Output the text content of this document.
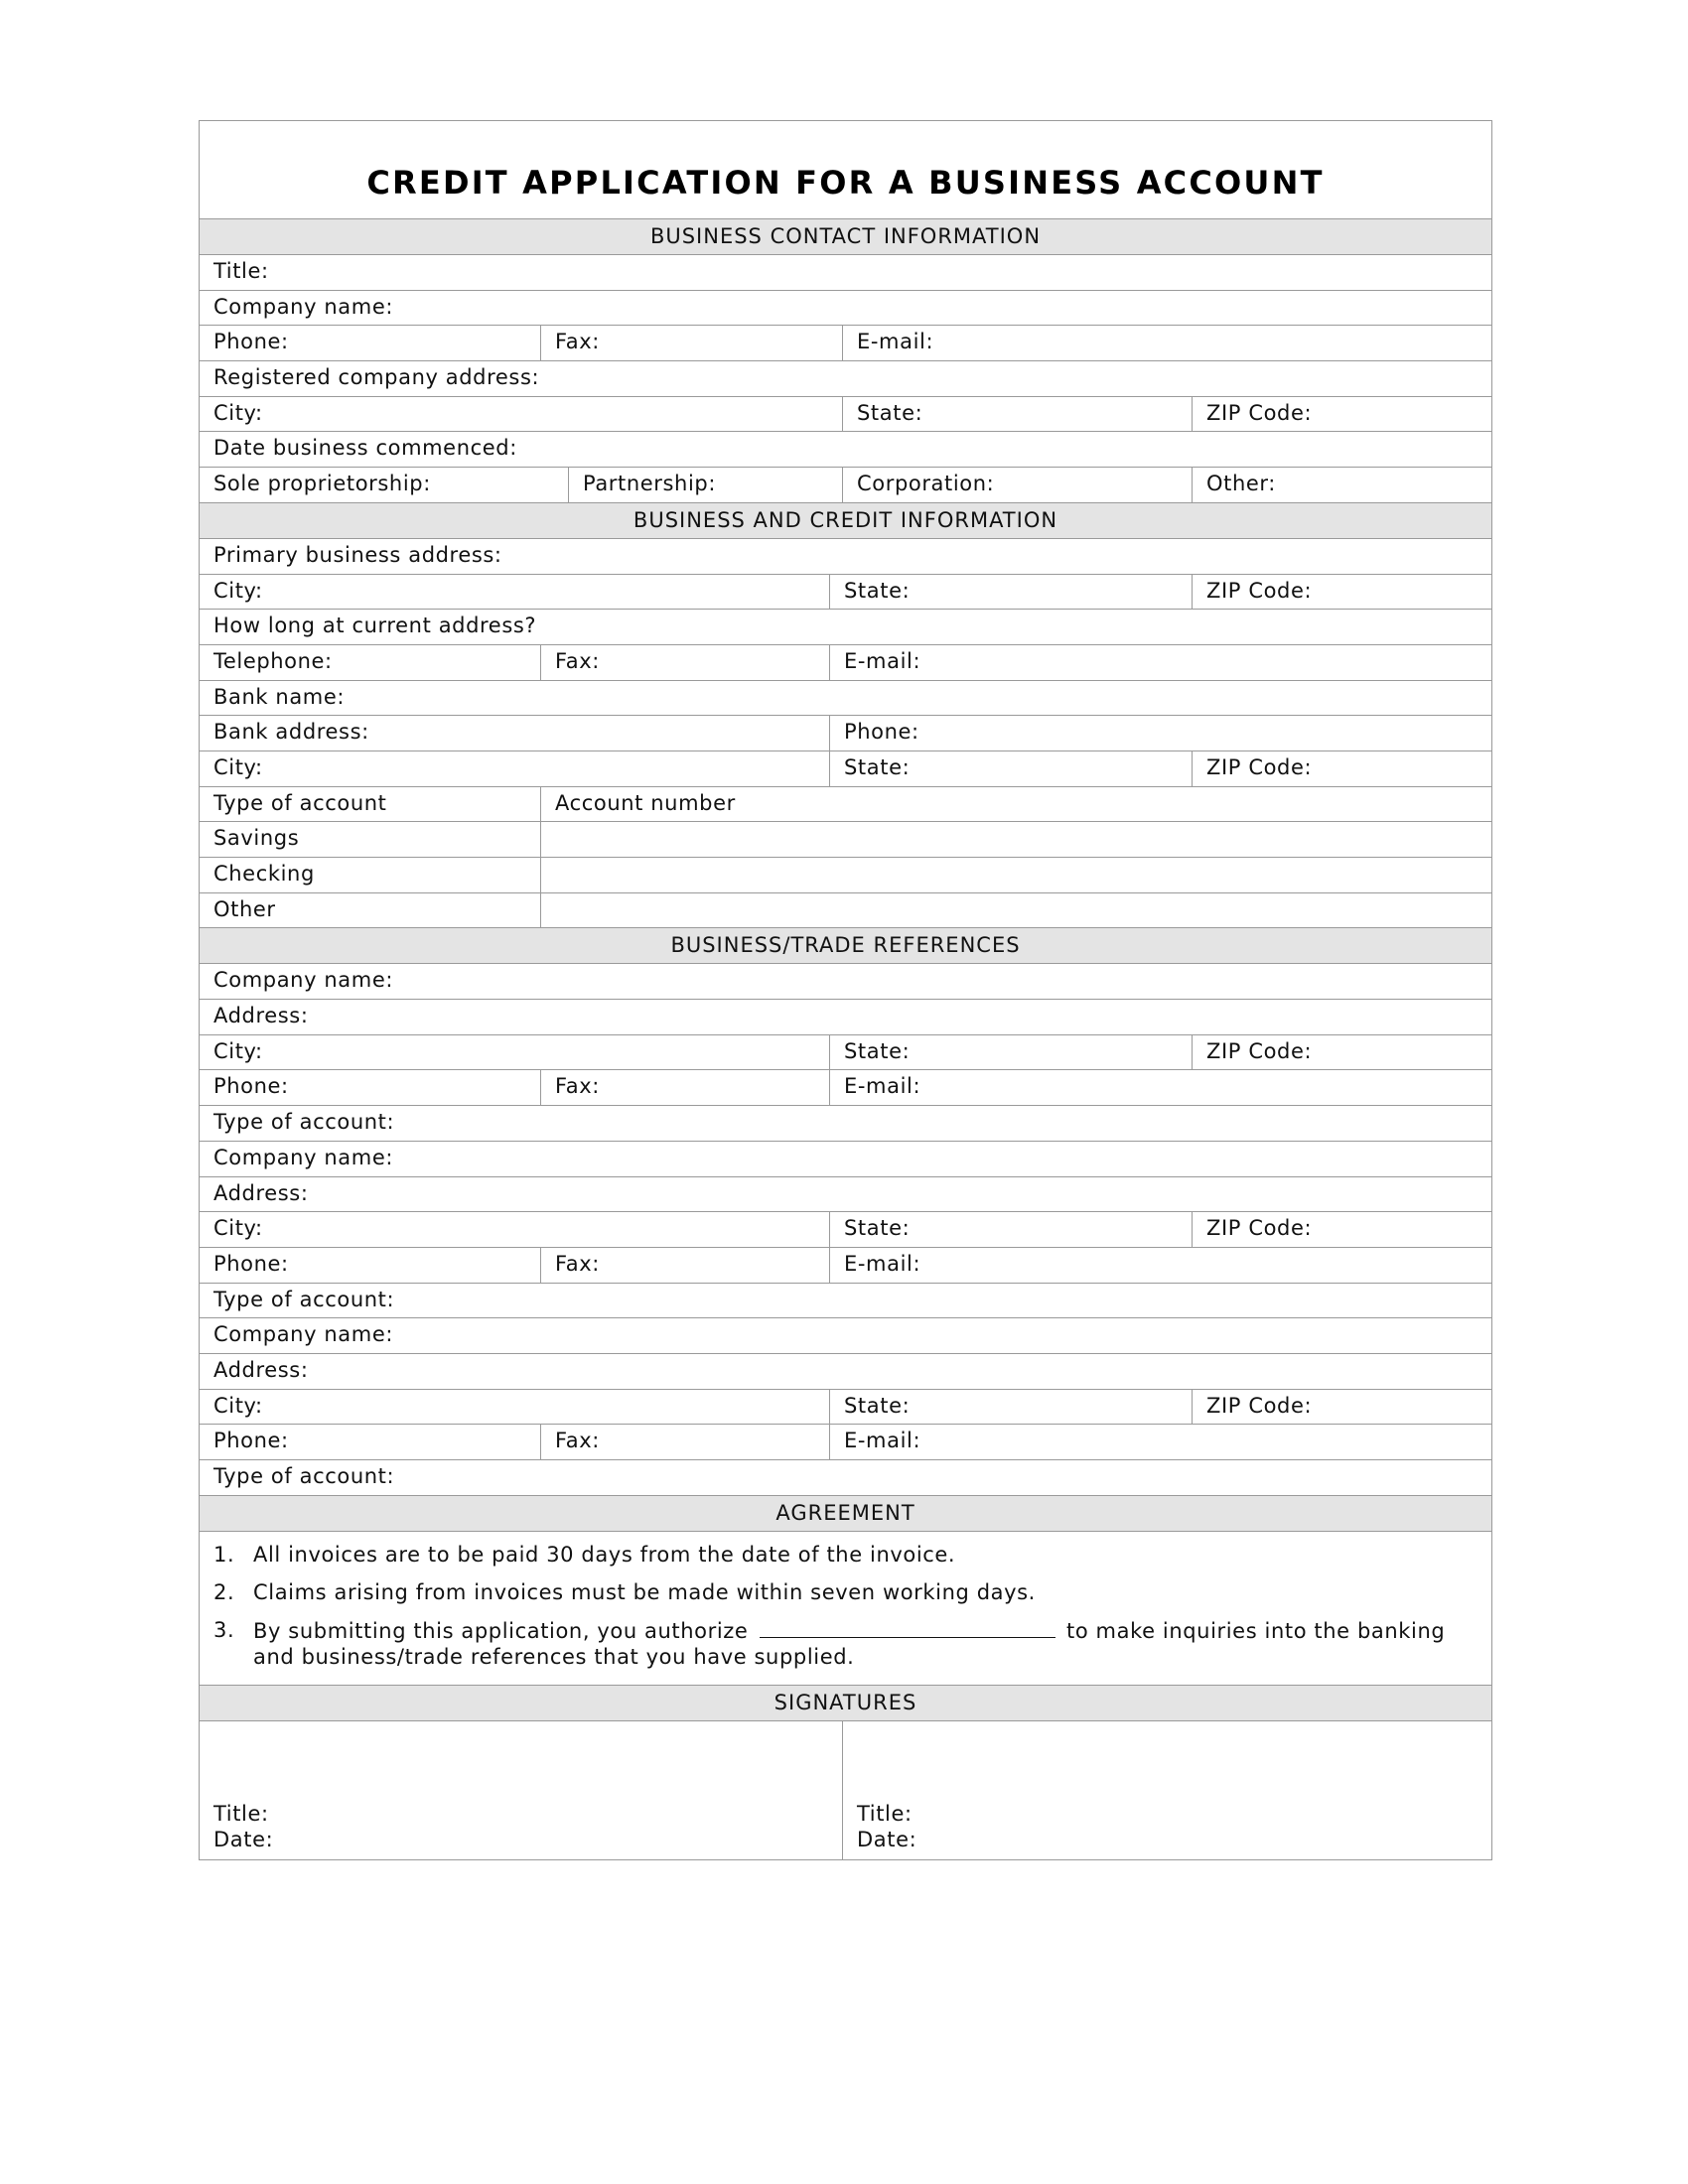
CREDIT APPLICATION FOR A BUSINESS ACCOUNT
BUSINESS CONTACT INFORMATION
Title:
Company name:
Phone:	Fax:	E-mail:
Registered company address:
City:	State:	ZIP Code:
Date business commenced:
Sole proprietorship:	Partnership:	Corporation:	Other:
BUSINESS AND CREDIT INFORMATION
Primary business address:
City:	State:	ZIP Code:
How long at current address?
Telephone:	Fax:	E-mail:
Bank name:
Bank address:	Phone:
City:	State:	ZIP Code:
Type of account	Account number
Savings
Checking
Other
BUSINESS/TRADE REFERENCES
Company name:
Address:
City:	State:	ZIP Code:
Phone:	Fax:	E-mail:
Type of account:
Company name:
Address:
City:	State:	ZIP Code:
Phone:	Fax:	E-mail:
Type of account:
Company name:
Address:
City:	State:	ZIP Code:
Phone:	Fax:	E-mail:
Type of account:
AGREEMENT
1. All invoices are to be paid 30 days from the date of the invoice.
2. Claims arising from invoices must be made within seven working days.
3. By submitting this application, you authorize	to make inquiries into the banking and business/trade references that you have supplied.
SIGNATURES
Title:
Date:
Title:
Date:
